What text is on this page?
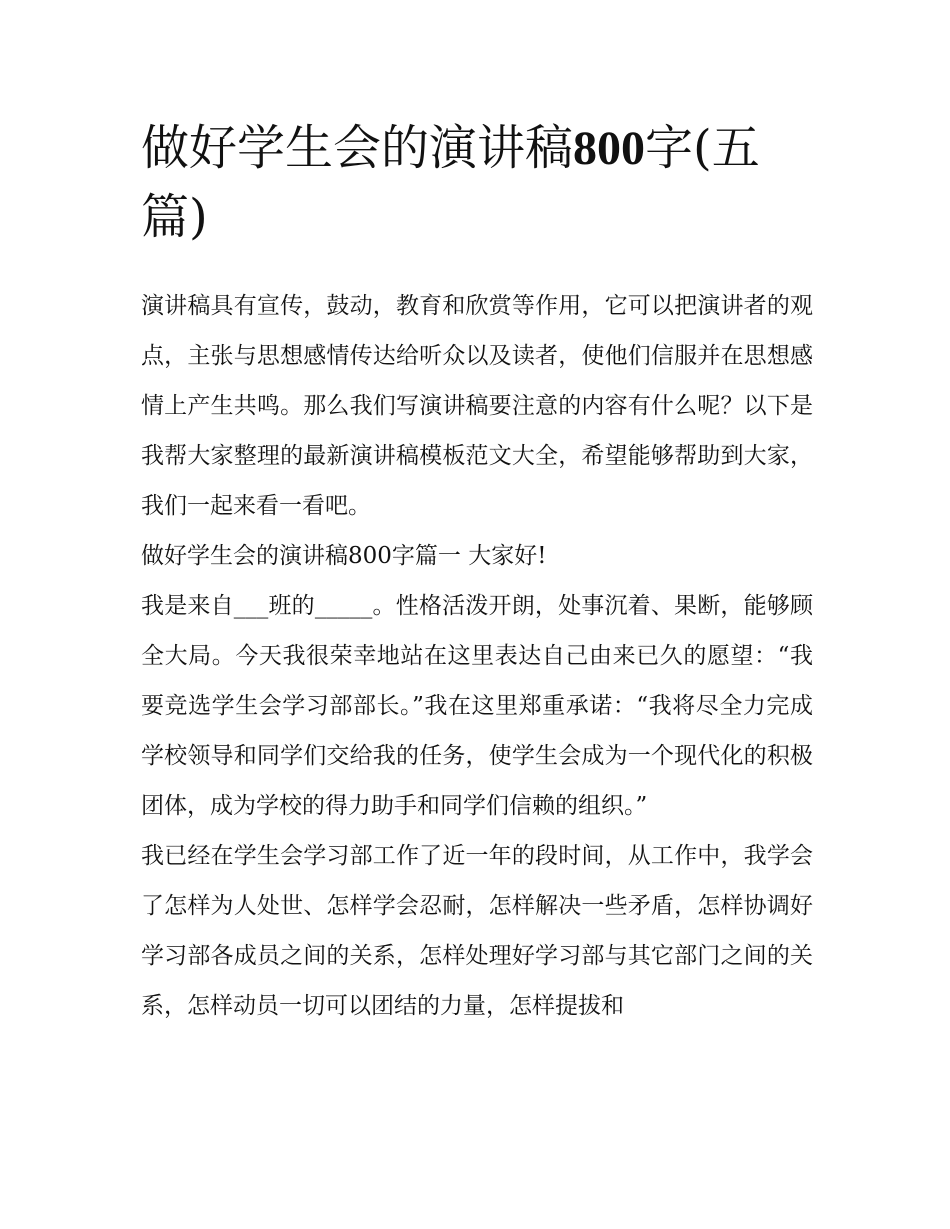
做好学生会的演讲稿800字(五篇)

演讲稿具有宣传，鼓动，教育和欣赏等作用，它可以把演讲者的观点，主张与思想感情传达给听众以及读者，使他们信服并在思想感情上产生共鸣。那么我们写演讲稿要注意的内容有什么呢？以下是我帮大家整理的最新演讲稿模板范文大全，希望能够帮助到大家，我们一起来看一看吧。

做好学生会的演讲稿800字篇一 大家好!

我是来自___班的_____。性格活泼开朗，处事沉着、果断，能够顾全大局。今天我很荣幸地站在这里表达自己由来已久的愿望：“我要竞选学生会学习部部长。”我在这里郑重承诺：“我将尽全力完成学校领导和同学们交给我的任务，使学生会成为一个现代化的积极团体，成为学校的得力助手和同学们信赖的组织。”

我已经在学生会学习部工作了近一年的段时间，从工作中，我学会了怎样为人处世、怎样学会忍耐，怎样解决一些矛盾，怎样协调好学习部各成员之间的关系，怎样处理好学习部与其它部门之间的关系，怎样动员一切可以团结的力量，怎样提拔和
